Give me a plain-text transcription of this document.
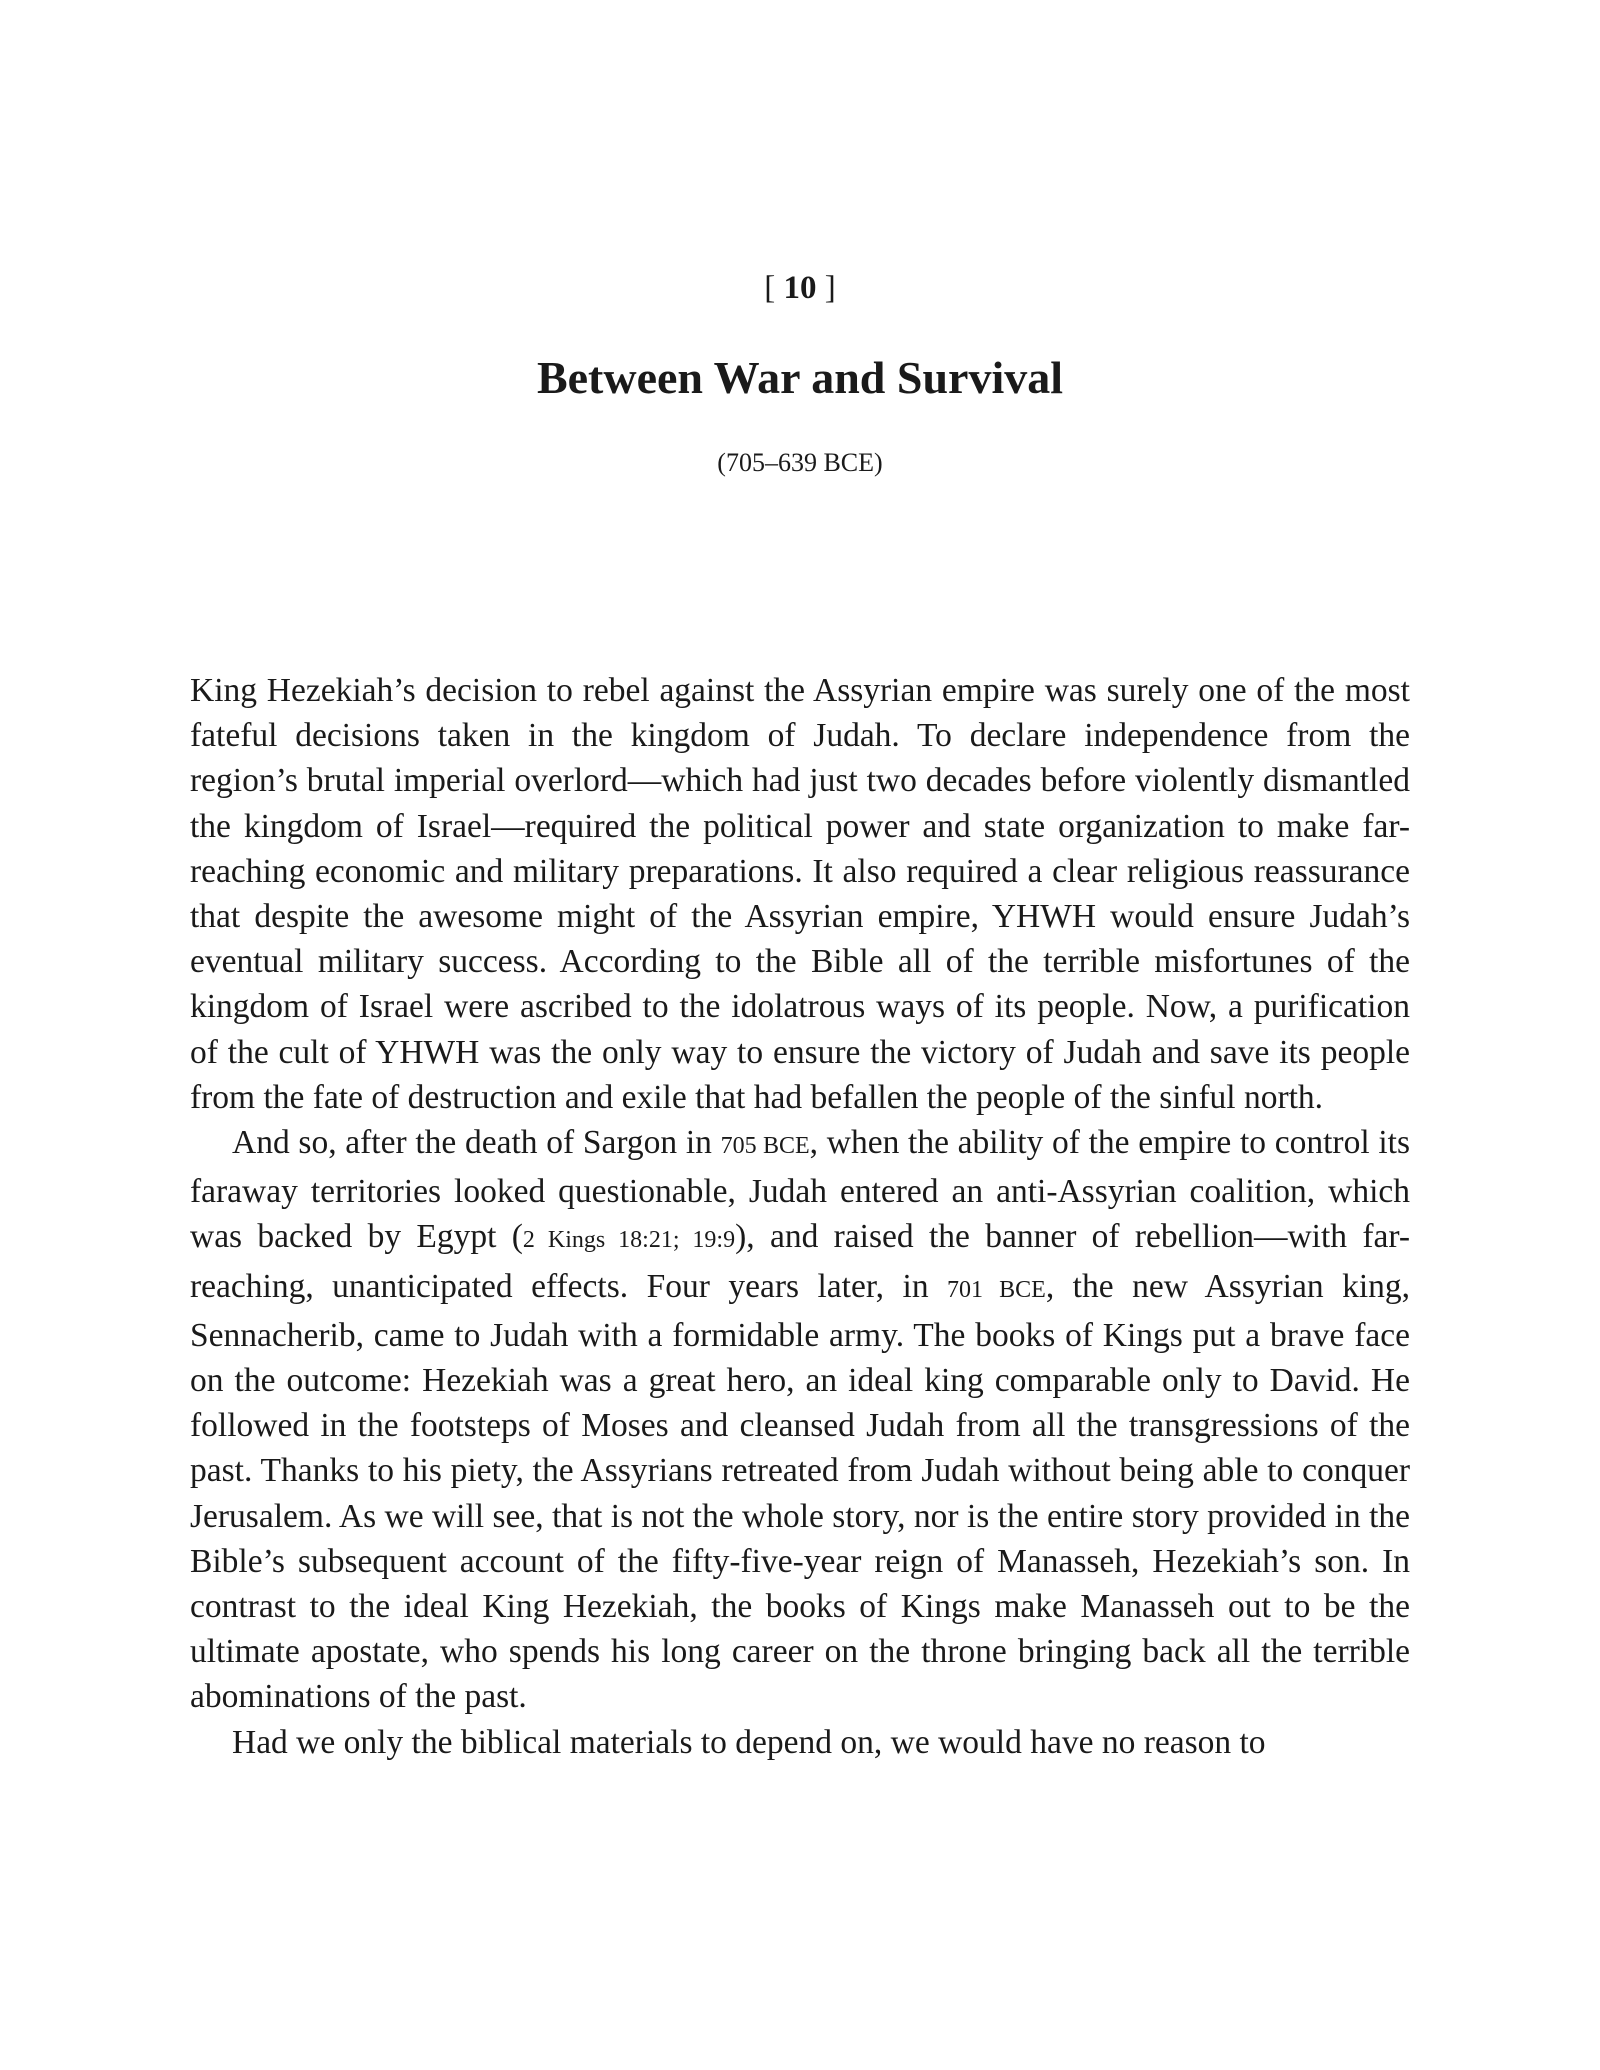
[ 10 ]
Between War and Survival
(705–639 BCE)

King Hezekiah’s decision to rebel against the Assyrian empire was surely one of the most fateful decisions taken in the kingdom of Judah. To declare independence from the region’s brutal imperial overlord—which had just two decades before violently dismantled the kingdom of Israel—required the political power and state organization to make far-reaching economic and military preparations. It also required a clear religious reassurance that despite the awesome might of the Assyrian empire, YHWH would ensure Judah’s eventual military success. According to the Bible all of the terrible misfortunes of the kingdom of Israel were ascribed to the idolatrous ways of its people. Now, a purification of the cult of YHWH was the only way to ensure the victory of Judah and save its people from the fate of destruction and exile that had befallen the people of the sinful north.

And so, after the death of Sargon in 705 BCE, when the ability of the empire to control its faraway territories looked questionable, Judah entered an anti-Assyrian coalition, which was backed by Egypt (2 Kings 18:21; 19:9), and raised the banner of rebellion—with far-reaching, unanticipated effects. Four years later, in 701 BCE, the new Assyrian king, Sennacherib, came to Judah with a formidable army. The books of Kings put a brave face on the outcome: Hezekiah was a great hero, an ideal king comparable only to David. He followed in the footsteps of Moses and cleansed Judah from all the transgressions of the past. Thanks to his piety, the Assyrians retreated from Judah without being able to conquer Jerusalem. As we will see, that is not the whole story, nor is the entire story provided in the Bible’s subsequent account of the fifty-five-year reign of Manasseh, Hezekiah’s son. In contrast to the ideal King Hezekiah, the books of Kings make Manasseh out to be the ultimate apostate, who spends his long career on the throne bringing back all the terrible abominations of the past.

Had we only the biblical materials to depend on, we would have no reason to
